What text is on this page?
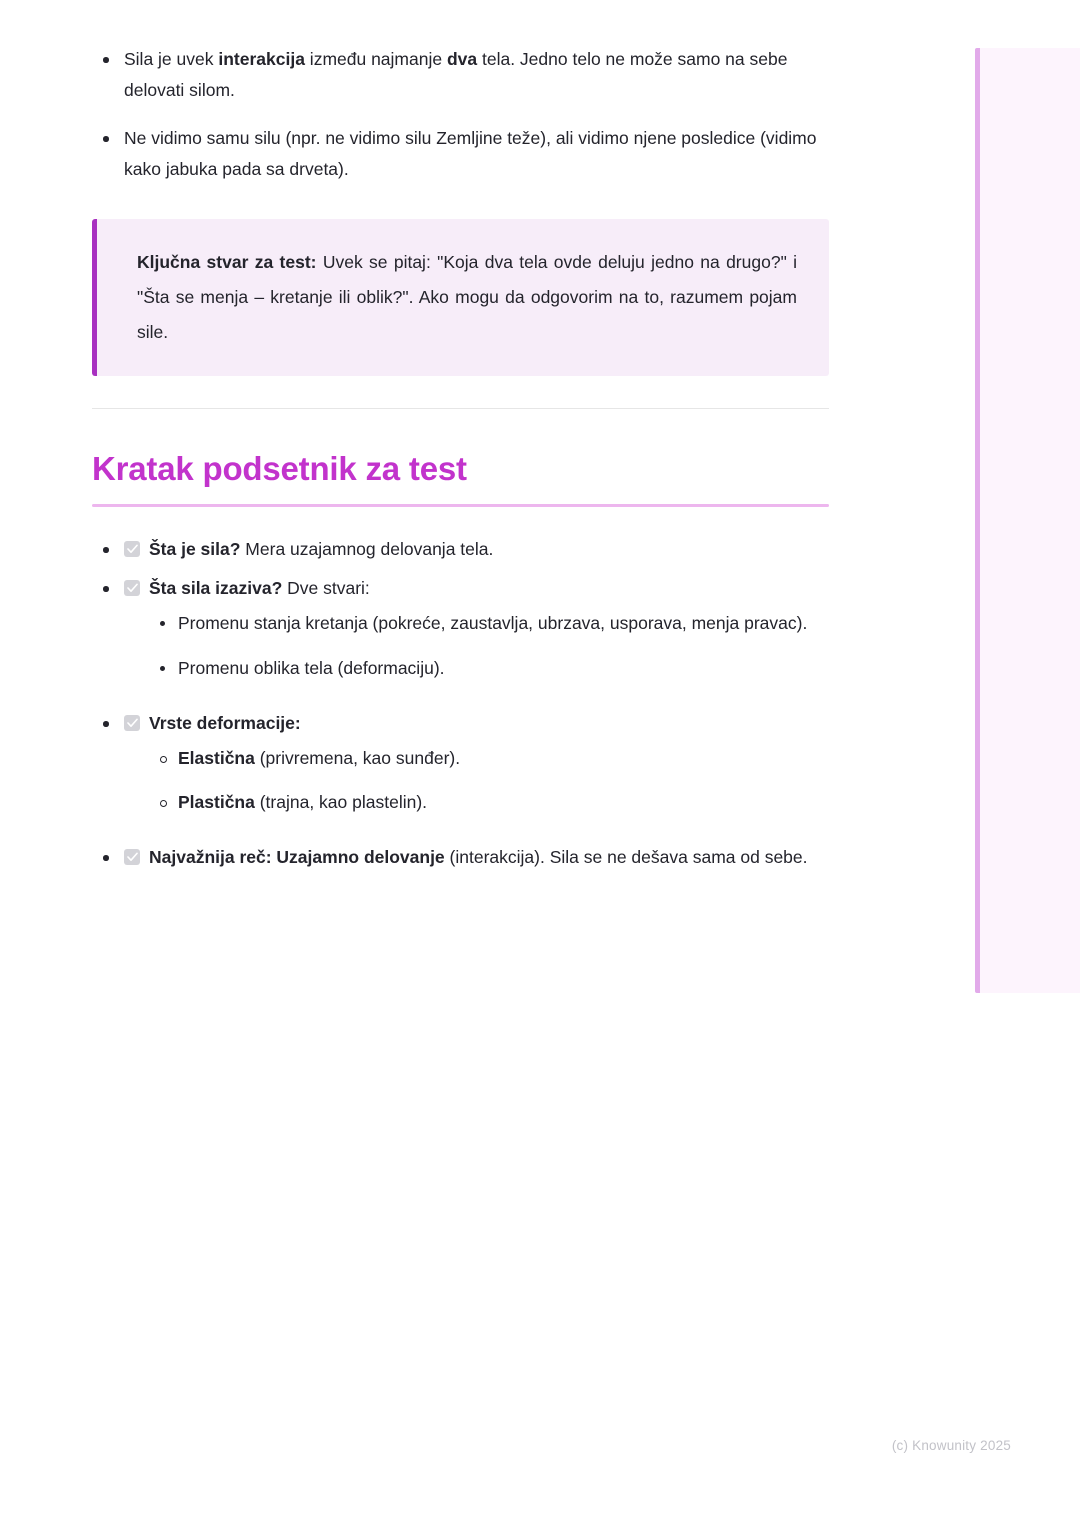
Sila je uvek interakcija između najmanje dva tela. Jedno telo ne može samo na sebe delovati silom.
Ne vidimo samu silu (npr. ne vidimo silu Zemljine teže), ali vidimo njene posledice (vidimo kako jabuka pada sa drveta).

Ključna stvar za test: Uvek se pitaj: "Koja dva tela ovde deluju jedno na drugo?" i "Šta se menja – kretanje ili oblik?". Ako mogu da odgovorim na to, razumem pojam sile.

Kratak podsetnik za test
Šta je sila? Mera uzajamnog delovanja tela.
Šta sila izaziva? Dve stvari:
Promenu stanja kretanja (pokreće, zaustavlja, ubrzava, usporava, menja pravac).
Promenu oblika tela (deformaciju).
Vrste deformacije:
Elastična (privremena, kao sunđer).
Plastična (trajna, kao plastelin).
Najvažnija reč: Uzajamno delovanje (interakcija). Sila se ne dešava sama od sebe.
(c) Knowunity 2025
